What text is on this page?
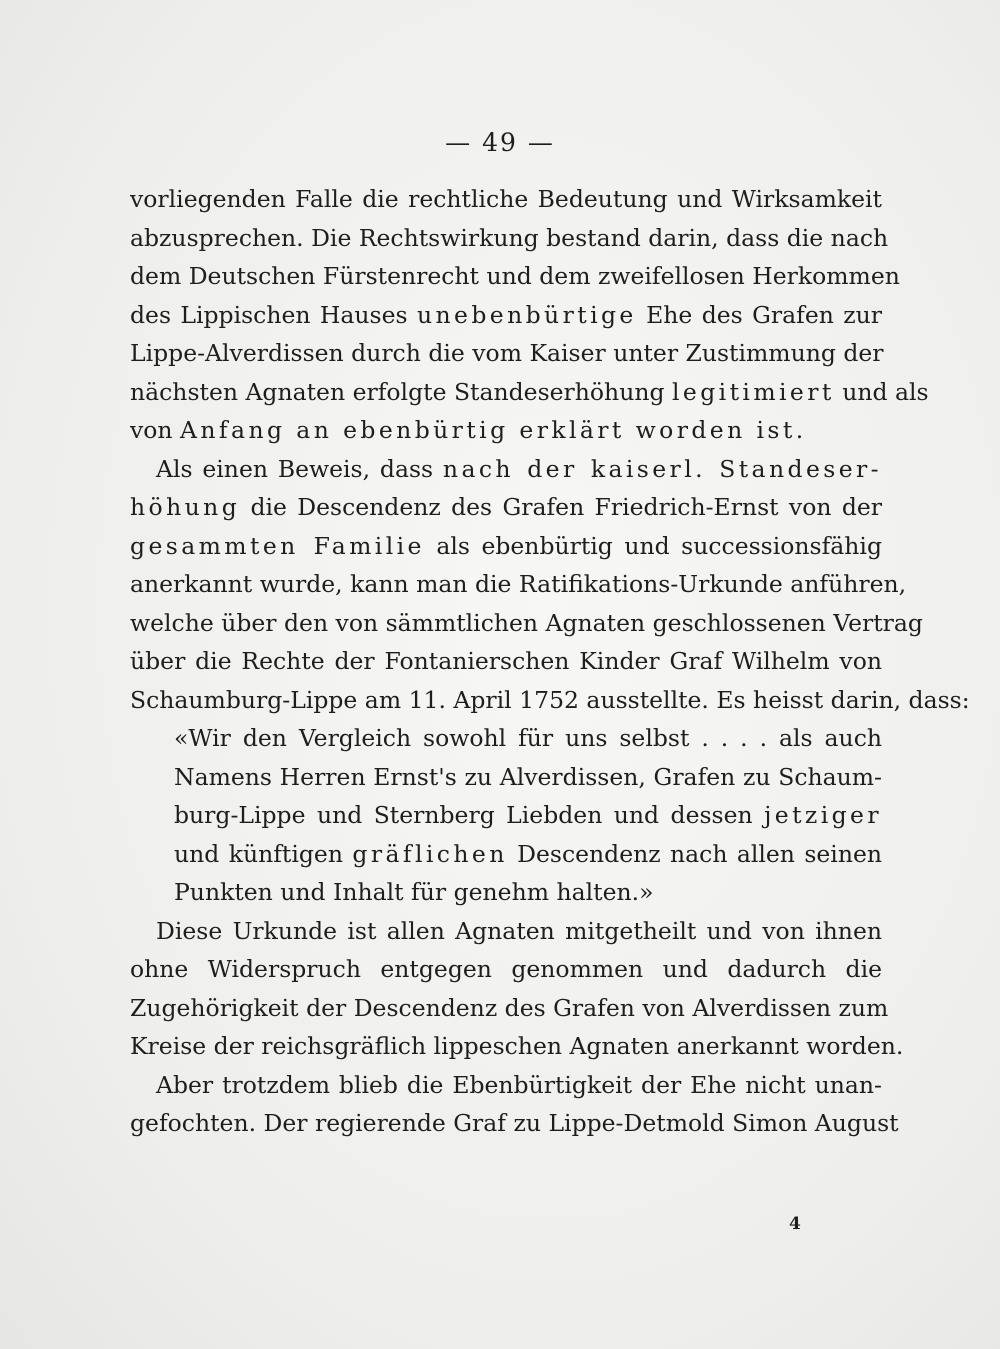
— 49 —
vorliegenden Falle die rechtliche Bedeutung und Wirksamkeit
abzusprechen. Die Rechtswirkung bestand darin, dass die nach
dem Deutschen Fürstenrecht und dem zweifellosen Herkommen
des Lippischen Hauses unebenbürtige Ehe des Grafen zur
Lippe-Alverdissen durch die vom Kaiser unter Zustimmung der
nächsten Agnaten erfolgte Standeserhöhung legitimiert und als
von Anfang an ebenbürtig erklärt worden ist.
Als einen Beweis, dass nach der kaiserl. Standeser-
höhung die Descendenz des Grafen Friedrich-Ernst von der
gesammten Familie als ebenbürtig und successionsfähig
anerkannt wurde, kann man die Ratifikations-Urkunde anführen,
welche über den von sämmtlichen Agnaten geschlossenen Vertrag
über die Rechte der Fontanierschen Kinder Graf Wilhelm von
Schaumburg-Lippe am 11. April 1752 ausstellte. Es heisst darin, dass:
«Wir den Vergleich sowohl für uns selbst . . . . als auch
Namens Herren Ernst's zu Alverdissen, Grafen zu Schaum-
burg-Lippe und Sternberg Liebden und dessen jetziger
und künftigen gräflichen Descendenz nach allen seinen
Punkten und Inhalt für genehm halten.»
Diese Urkunde ist allen Agnaten mitgetheilt und von ihnen
ohne Widerspruch entgegen genommen und dadurch die
Zugehörigkeit der Descendenz des Grafen von Alverdissen zum
Kreise der reichsgräflich lippeschen Agnaten anerkannt worden.
Aber trotzdem blieb die Ebenbürtigkeit der Ehe nicht unan-
gefochten. Der regierende Graf zu Lippe-Detmold Simon August
4
